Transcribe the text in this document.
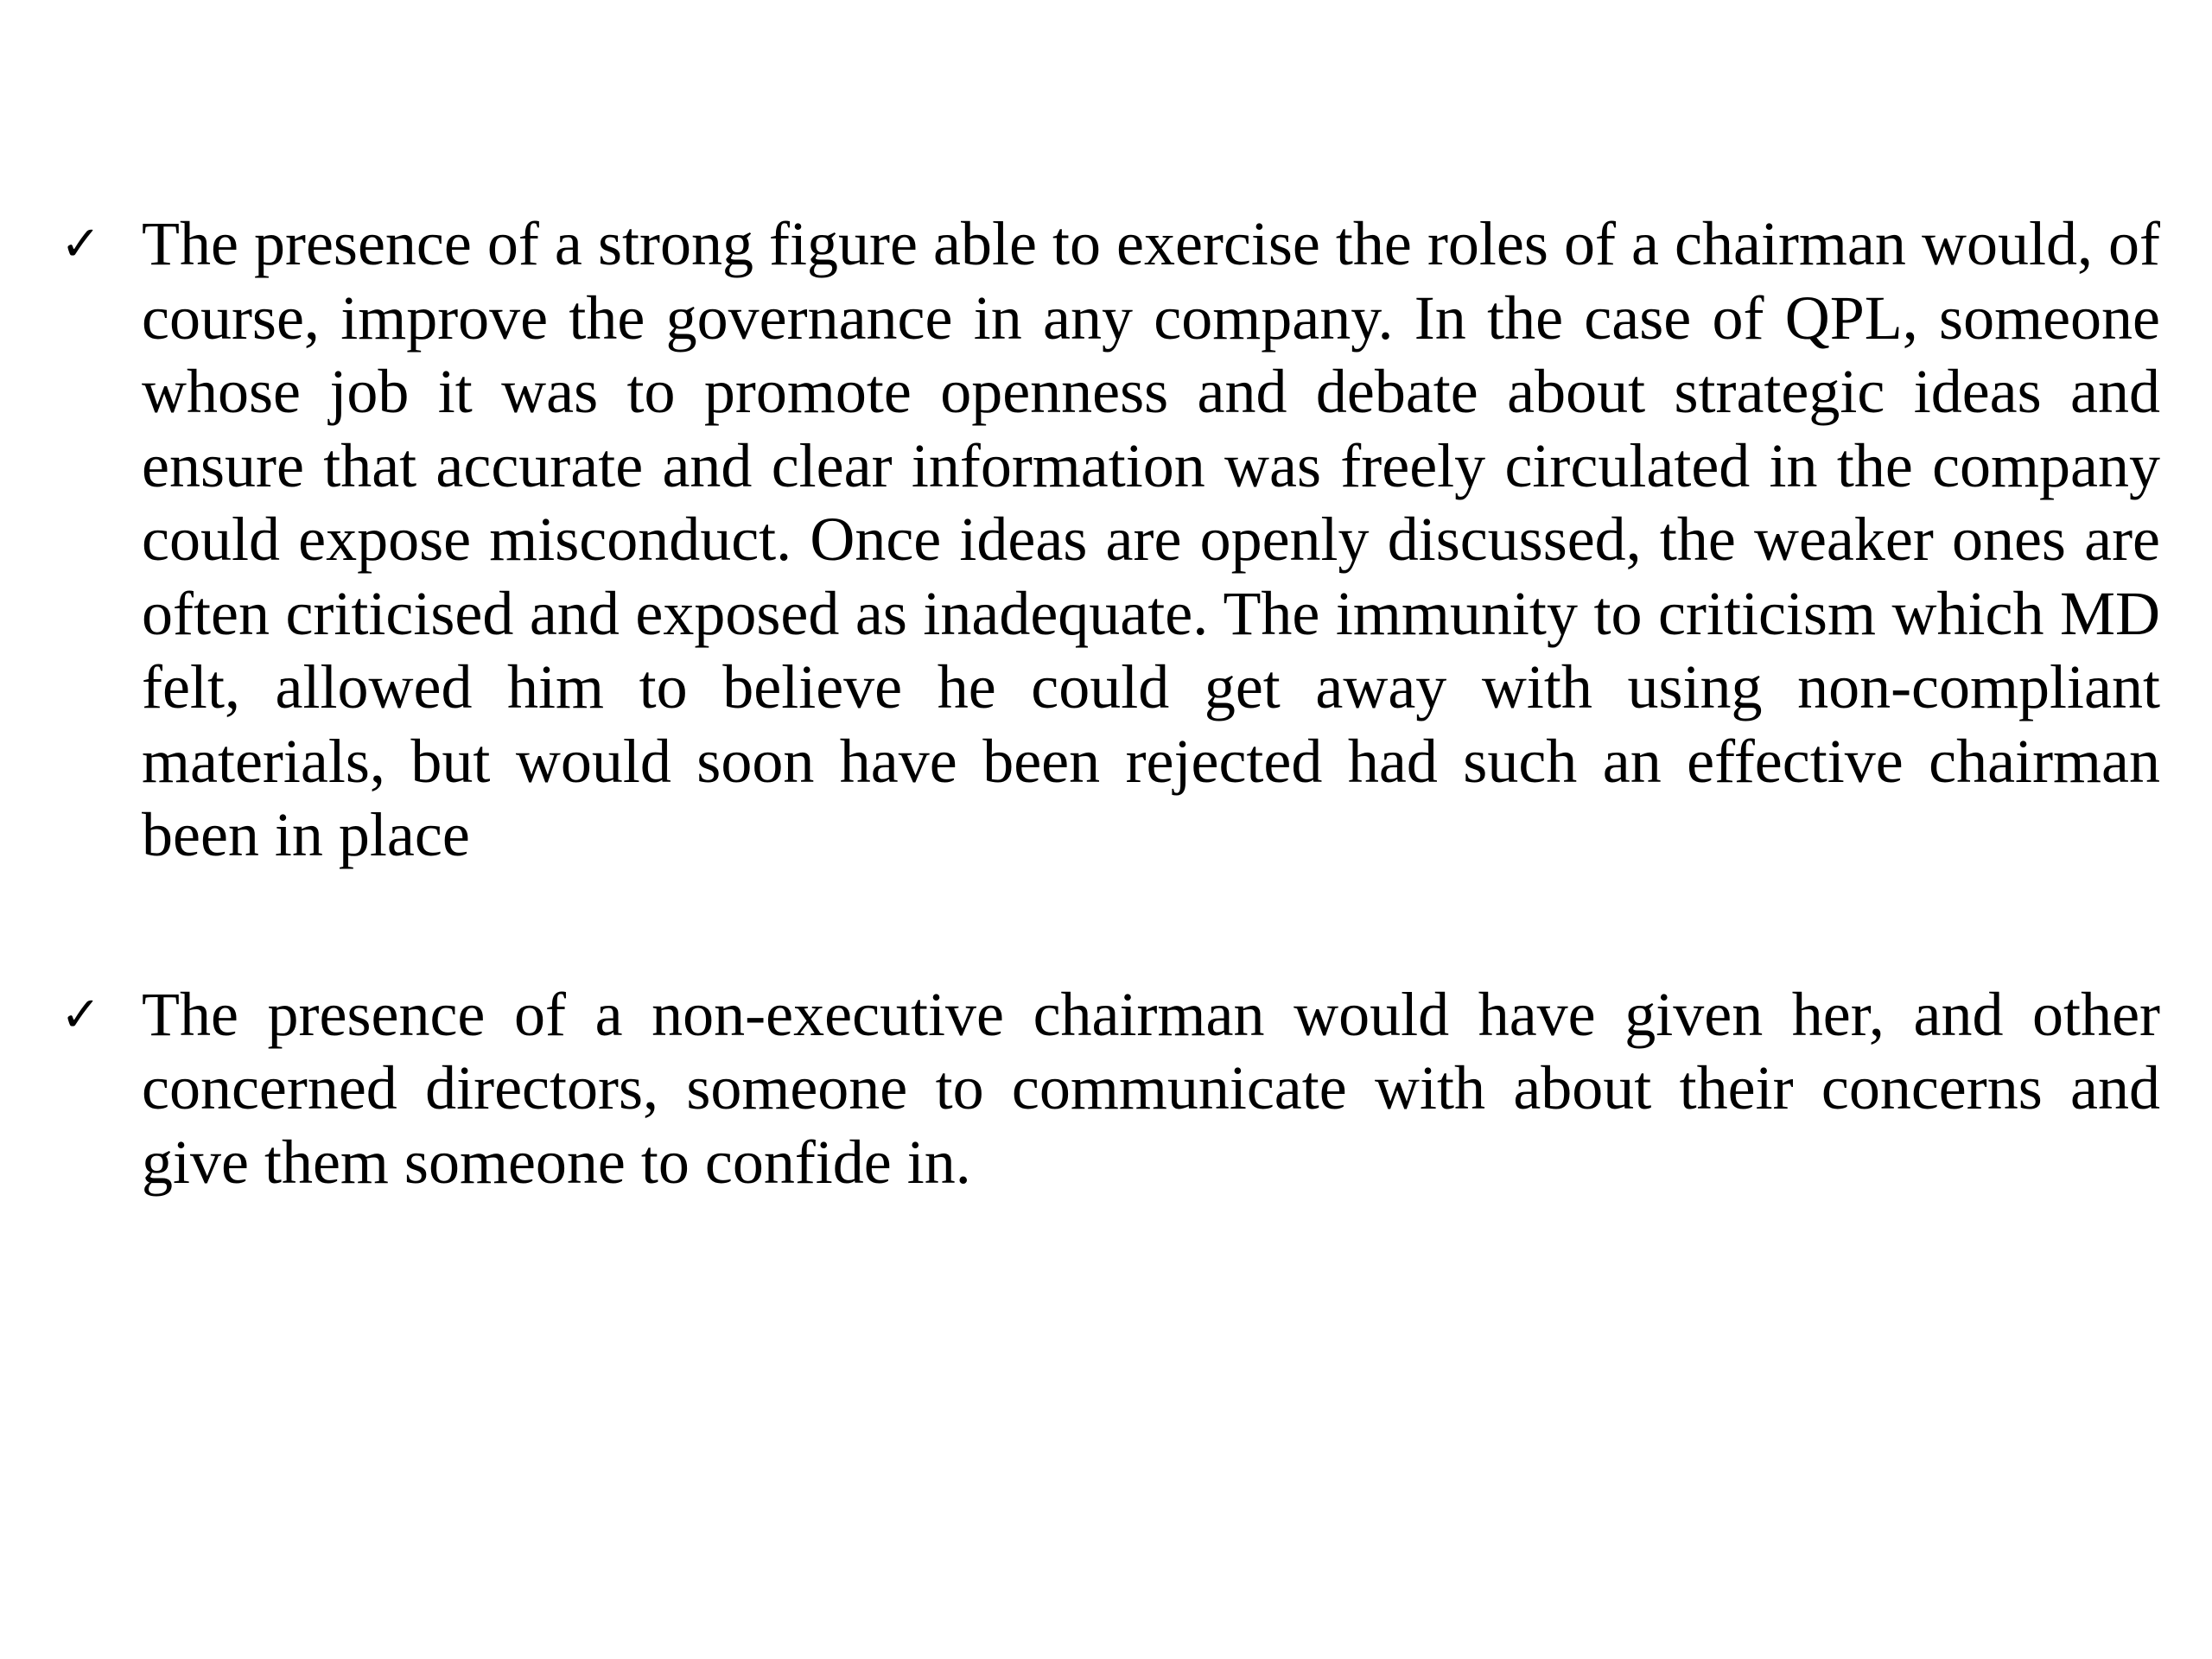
✓ The presence of a strong figure able to exercise the roles of a chairman would, of course, improve the governance in any company. In the case of QPL, someone whose job it was to promote openness and debate about strategic ideas and ensure that accurate and clear information was freely circulated in the company could expose misconduct. Once ideas are openly discussed, the weaker ones are often criticised and exposed as inadequate. The immunity to criticism which MD felt, allowed him to believe he could get away with using non-compliant materials, but would soon have been rejected had such an effective chairman been in place
✓ The presence of a non-executive chairman would have given her, and other concerned directors, someone to communicate with about their concerns and give them someone to confide in.
